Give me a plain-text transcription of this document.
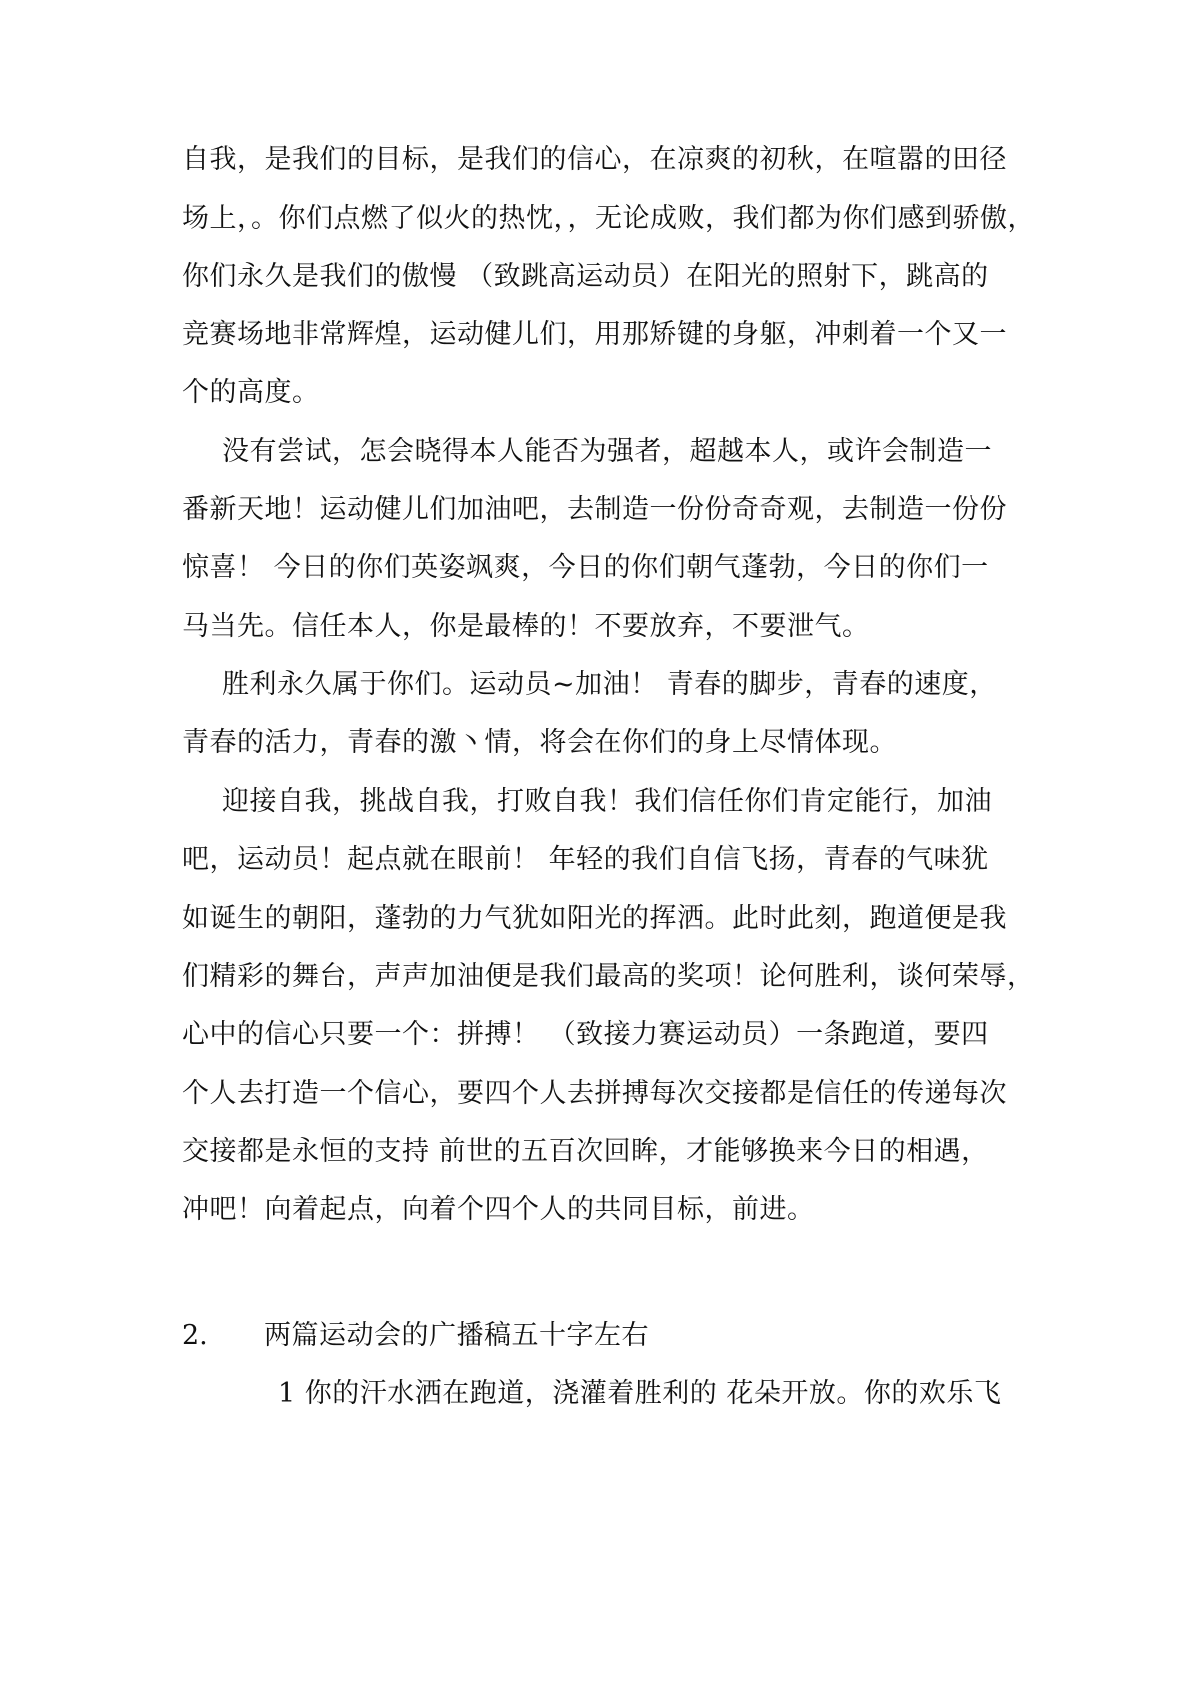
自我，是我们的目标，是我们的信心，在凉爽的初秋，在喧嚣的田径
场上，。你们点燃了似火的热忱，，无论成败，我们都为你们感到骄傲，
你们永久是我们的傲慢 （致跳高运动员）在阳光的照射下，跳高的
竞赛场地非常辉煌，运动健儿们，用那矫键的身躯，冲刺着一个又一
个的高度。
没有尝试，怎会晓得本人能否为强者，超越本人，或许会制造一
番新天地！运动健儿们加油吧，去制造一份份奇奇观，去制造一份份
惊喜！ 今日的你们英姿飒爽，今日的你们朝气蓬勃，今日的你们一
马当先。信任本人，你是最棒的！不要放弃，不要泄气。
胜利永久属于你们。运动员~加油！ 青春的脚步，青春的速度，
青春的活力，青春的激丶情，将会在你们的身上尽情体现。
迎接自我，挑战自我，打败自我！我们信任你们肯定能行，加油
吧，运动员！起点就在眼前！ 年轻的我们自信飞扬，青春的气味犹
如诞生的朝阳，蓬勃的力气犹如阳光的挥洒。此时此刻，跑道便是我
们精彩的舞台，声声加油便是我们最高的奖项！论何胜利，谈何荣辱，
心中的信心只要一个：拼搏！ （致接力赛运动员）一条跑道，要四
个人去打造一个信心，要四个人去拼搏每次交接都是信任的传递每次
交接都是永恒的支持 前世的五百次回眸，才能够换来今日的相遇，
冲吧！向着起点，向着个四个人的共同目标，前进。
2. 两篇运动会的广播稿五十字左右
1 你的汗水洒在跑道，浇灌着胜利的 花朵开放。你的欢乐飞
